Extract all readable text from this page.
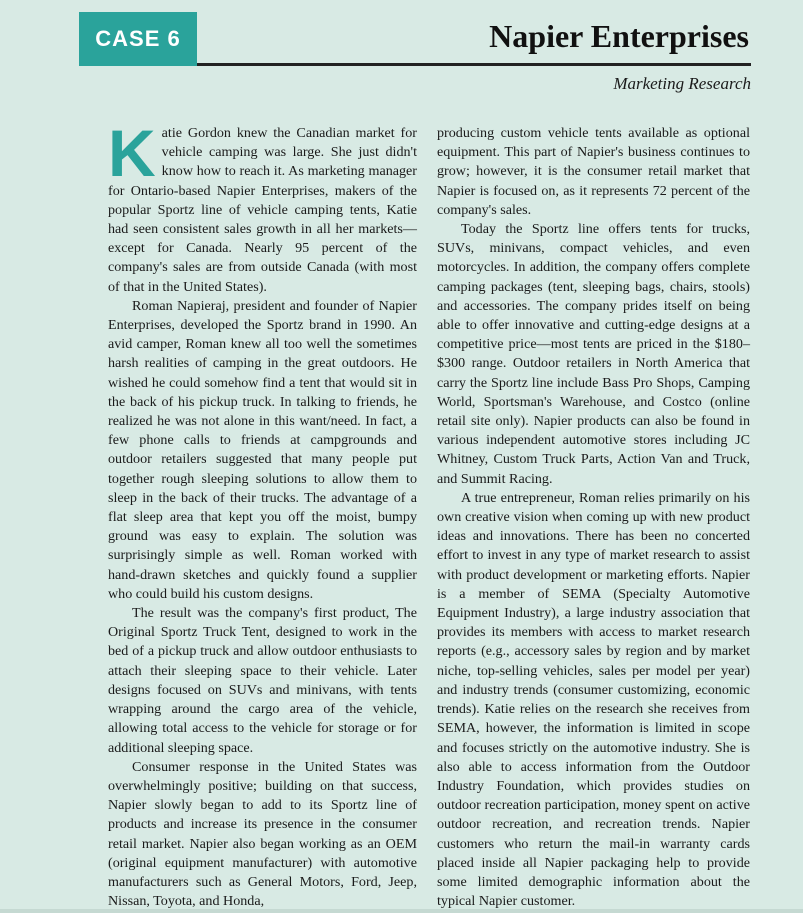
CASE 6	Napier Enterprises
Marketing Research

Katie Gordon knew the Canadian market for vehicle camping was large. She just didn't know how to reach it. As marketing manager for Ontario-based Napier Enterprises, makers of the popular Sportz line of vehicle camping tents, Katie had seen consistent sales growth in all her markets—except for Canada. Nearly 95 percent of the company's sales are from outside Canada (with most of that in the United States).

Roman Napieraj, president and founder of Napier Enterprises, developed the Sportz brand in 1990. An avid camper, Roman knew all too well the sometimes harsh realities of camping in the great outdoors. He wished he could somehow find a tent that would sit in the back of his pickup truck. In talking to friends, he realized he was not alone in this want/need. In fact, a few phone calls to friends at campgrounds and outdoor retailers suggested that many people put together rough sleeping solutions to allow them to sleep in the back of their trucks. The advantage of a flat sleep area that kept you off the moist, bumpy ground was easy to explain. The solution was surprisingly simple as well. Roman worked with hand-drawn sketches and quickly found a supplier who could build his custom designs.

The result was the company's first product, The Original Sportz Truck Tent, designed to work in the bed of a pickup truck and allow outdoor enthusiasts to attach their sleeping space to their vehicle. Later designs focused on SUVs and minivans, with tents wrapping around the cargo area of the vehicle, allowing total access to the vehicle for storage or for additional sleeping space.

Consumer response in the United States was overwhelmingly positive; building on that success, Napier slowly began to add to its Sportz line of products and increase its presence in the consumer retail market. Napier also began working as an OEM (original equipment manufacturer) with automotive manufacturers such as General Motors, Ford, Jeep, Nissan, Toyota, and Honda,

producing custom vehicle tents available as optional equipment. This part of Napier's business continues to grow; however, it is the consumer retail market that Napier is focused on, as it represents 72 percent of the company's sales.

Today the Sportz line offers tents for trucks, SUVs, minivans, compact vehicles, and even motorcycles. In addition, the company offers complete camping packages (tent, sleeping bags, chairs, stools) and accessories. The company prides itself on being able to offer innovative and cutting-edge designs at a competitive price—most tents are priced in the $180–$300 range. Outdoor retailers in North America that carry the Sportz line include Bass Pro Shops, Camping World, Sportsman's Warehouse, and Costco (online retail site only). Napier products can also be found in various independent automotive stores including JC Whitney, Custom Truck Parts, Action Van and Truck, and Summit Racing.

A true entrepreneur, Roman relies primarily on his own creative vision when coming up with new product ideas and innovations. There has been no concerted effort to invest in any type of market research to assist with product development or marketing efforts. Napier is a member of SEMA (Specialty Automotive Equipment Industry), a large industry association that provides its members with access to market research reports (e.g., accessory sales by region and by market niche, top-selling vehicles, sales per model per year) and industry trends (consumer customizing, economic trends). Katie relies on the research she receives from SEMA, however, the information is limited in scope and focuses strictly on the automotive industry. She is also able to access information from the Outdoor Industry Foundation, which provides studies on outdoor recreation participation, money spent on active outdoor recreation, and recreation trends. Napier customers who return the mail-in warranty cards placed inside all Napier packaging help to provide some limited demographic information about the typical Napier customer.
